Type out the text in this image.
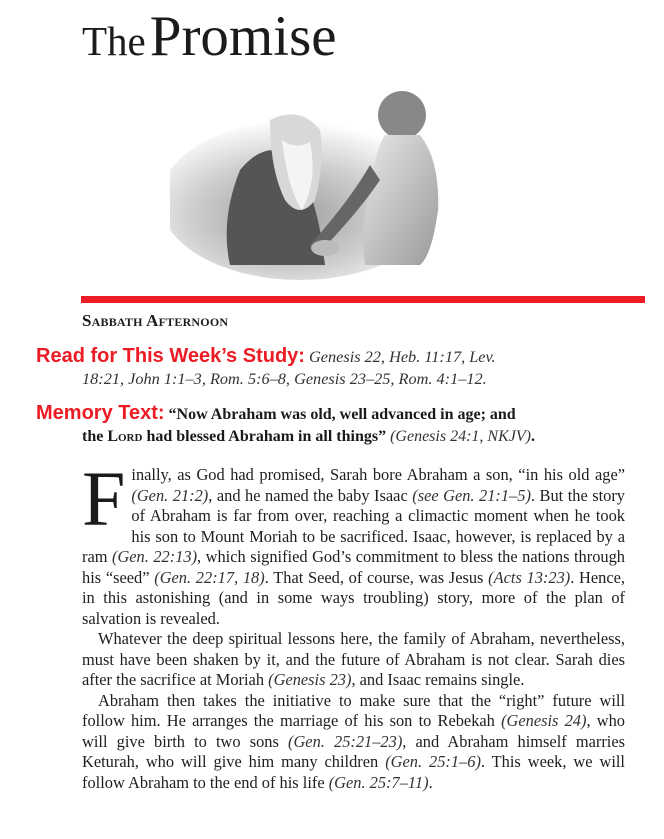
The Promise
Sabbath Afternoon
Read for This Week’s Study: Genesis 22, Heb. 11:17, Lev.
18:21, John 1:1–3, Rom. 5:6–8, Genesis 23–25, Rom. 4:1–12.
Memory Text: “Now Abraham was old, well advanced in age; and
the Lord had blessed Abraham in all things” (Genesis 24:1, NKJV).

Finally, as God had promised, Sarah bore Abraham a son, “in his old age” (Gen. 21:2), and he named the baby Isaac (see Gen. 21:1–5). But the story of Abraham is far from over, reaching a climactic moment when he took his son to Mount Moriah to be sacrificed. Isaac, however, is replaced by a ram (Gen. 22:13), which signified God’s commitment to bless the nations through his “seed” (Gen. 22:17, 18). That Seed, of course, was Jesus (Acts 13:23). Hence, in this astonishing (and in some ways troubling) story, more of the plan of salvation is revealed.

Whatever the deep spiritual lessons here, the family of Abraham, nevertheless, must have been shaken by it, and the future of Abraham is not clear. Sarah dies after the sacrifice at Moriah (Genesis 23), and Isaac remains single.

Abraham then takes the initiative to make sure that the “right” future will follow him. He arranges the marriage of his son to Rebekah (Genesis 24), who will give birth to two sons (Gen. 25:21–23), and Abraham himself marries Keturah, who will give him many children (Gen. 25:1–6). This week, we will follow Abraham to the end of his life (Gen. 25:7–11).
